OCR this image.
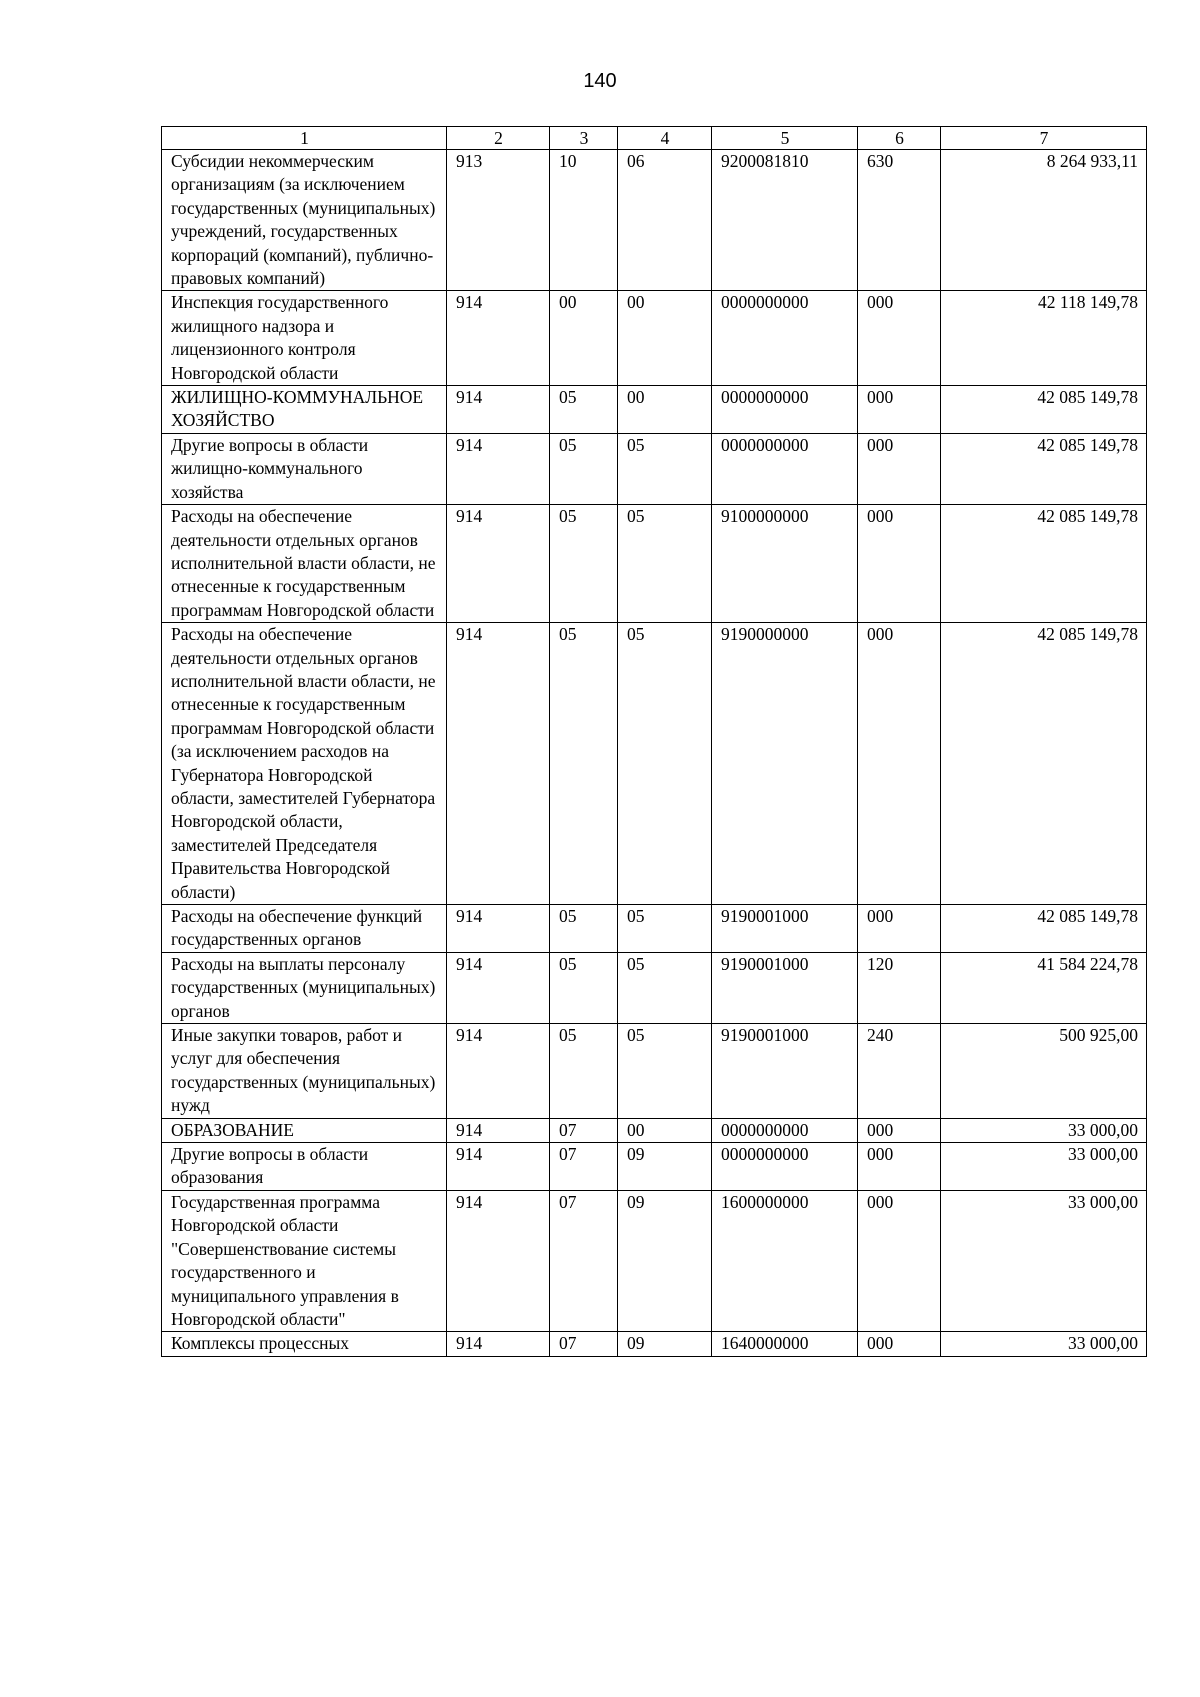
140
1	2	3	4	5	6	7
Субсидии некоммерческим организациям (за исключением государственных (муниципальных) учреждений, государственных корпораций (компаний), публично-правовых компаний)	913	10	06	9200081810	630	8 264 933,11
Инспекция государственного жилищного надзора и лицензионного контроля Новгородской области	914	00	00	0000000000	000	42 118 149,78
ЖИЛИЩНО-КОММУНАЛЬНОЕ ХОЗЯЙСТВО	914	05	00	0000000000	000	42 085 149,78
Другие вопросы в области жилищно-коммунального хозяйства	914	05	05	0000000000	000	42 085 149,78
Расходы на обеспечение деятельности отдельных органов исполнительной власти области, не отнесенные к государственным программам Новгородской области	914	05	05	9100000000	000	42 085 149,78
Расходы на обеспечение деятельности отдельных органов исполнительной власти области, не отнесенные к государственным программам Новгородской области (за исключением расходов на Губернатора Новгородской области, заместителей Губернатора Новгородской области, заместителей Председателя Правительства Новгородской области)	914	05	05	9190000000	000	42 085 149,78
Расходы на обеспечение функций государственных органов	914	05	05	9190001000	000	42 085 149,78
Расходы на выплаты персоналу государственных (муниципальных) органов	914	05	05	9190001000	120	41 584 224,78
Иные закупки товаров, работ и услуг для обеспечения государственных (муниципальных) нужд	914	05	05	9190001000	240	500 925,00
ОБРАЗОВАНИЕ	914	07	00	0000000000	000	33 000,00
Другие вопросы в области образования	914	07	09	0000000000	000	33 000,00
Государственная программа Новгородской области "Совершенствование системы государственного и муниципального управления в Новгородской области"	914	07	09	1600000000	000	33 000,00
Комплексы процессных	914	07	09	1640000000	000	33 000,00
